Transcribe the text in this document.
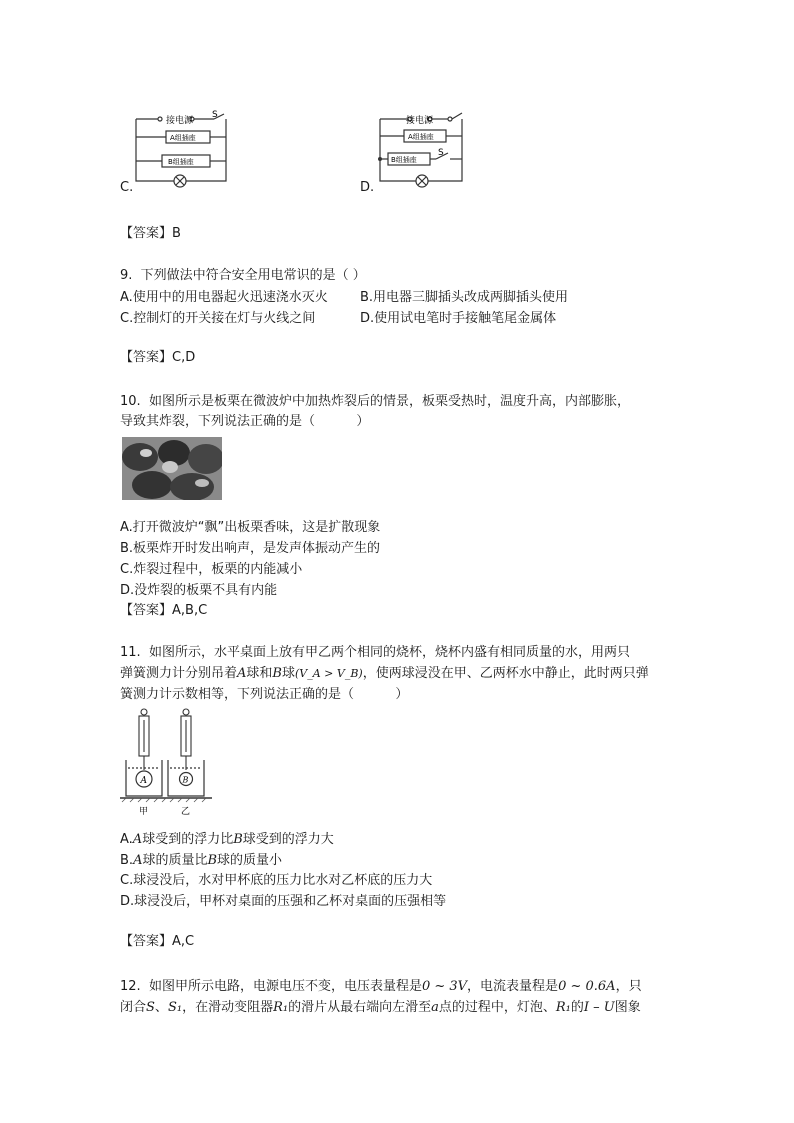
C.
接电源
S
A组插座
B组插座
D.
接电源
S
A组插座
B组插座
【答案】B
9.  下列做法中符合安全用电常识的是（ ）
A.使用中的用电器起火迅速浇水灭火 B.用电器三脚插头改成两脚插头使用
C.控制灯的开关接在灯与火线之间	D.使用试电笔时手接触笔尾金属体
【答案】C,D
10.  如图所示是板栗在微波炉中加热炸裂后的情景，板栗受热时，温度升高，内部膨胀，
导致其炸裂，下列说法正确的是（          ）
A.打开微波炉“飘”出板栗香味，这是扩散现象
B.板栗炸开时发出响声，是发声体振动产生的
C.炸裂过程中，板栗的内能减小
D.没炸裂的板栗不具有内能
【答案】A,B,C
11.  如图所示，水平桌面上放有甲乙两个相同的烧杯，烧杯内盛有相同质量的水，用两只
弹簧测力计分别吊着A球和B球(V_A > V_B)，使两球浸没在甲、乙两杯水中静止，此时两只弹
簧测力计示数相等，下列说法正确的是（          ）
A	B
甲	乙
A.A球受到的浮力比B球受到的浮力大
B.A球的质量比B球的质量小
C.球浸没后，水对甲杯底的压力比水对乙杯底的压力大
D.球浸没后，甲杯对桌面的压强和乙杯对桌面的压强相等
【答案】A,C
12.  如图甲所示电路，电源电压不变，电压表量程是0 ~ 3V，电流表量程是0 ~ 0.6A，只
闭合S、S₁，在滑动变阻器R₁的滑片从最右端向左滑至a点的过程中，灯泡、R₁的I – U图象
